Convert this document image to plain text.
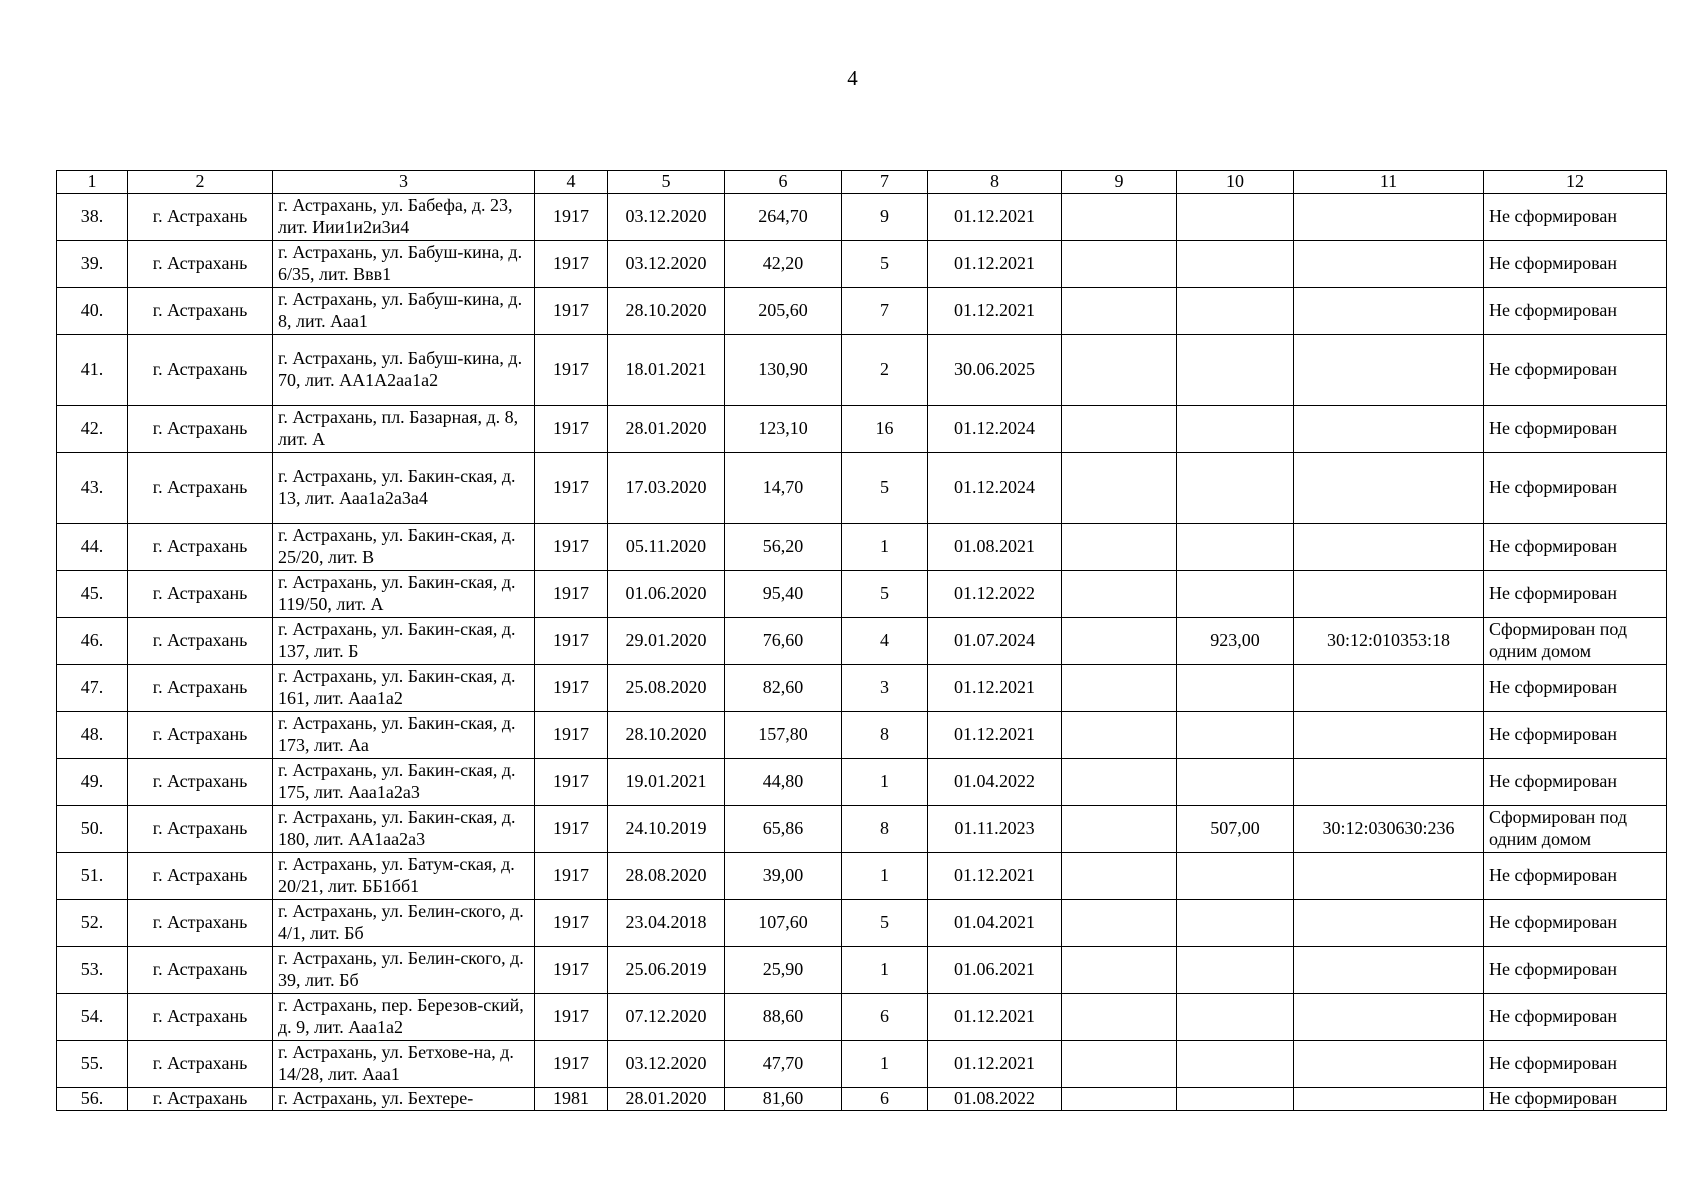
4
1	2	3	4	5	6	7	8	9	10	11	12
38.	г. Астрахань	г. Астрахань, ул. Бабефа, д. 23, лит. Иии1и2и3и4	1917	03.12.2020	264,70	9	01.12.2021				Не сформирован
39.	г. Астрахань	г. Астрахань, ул. Бабуш-кина, д. 6/35, лит. Ввв1	1917	03.12.2020	42,20	5	01.12.2021				Не сформирован
40.	г. Астрахань	г. Астрахань, ул. Бабуш-кина, д. 8, лит. Ааа1	1917	28.10.2020	205,60	7	01.12.2021				Не сформирован
41.	г. Астрахань	г. Астрахань, ул. Бабуш-кина, д. 70, лит. АА1А2аа1а2	1917	18.01.2021	130,90	2	30.06.2025				Не сформирован
42.	г. Астрахань	г. Астрахань, пл. Базарная, д. 8, лит. А	1917	28.01.2020	123,10	16	01.12.2024				Не сформирован
43.	г. Астрахань	г. Астрахань, ул. Бакин-ская, д. 13, лит. Ааа1а2а3а4	1917	17.03.2020	14,70	5	01.12.2024				Не сформирован
44.	г. Астрахань	г. Астрахань, ул. Бакин-ская, д. 25/20, лит. В	1917	05.11.2020	56,20	1	01.08.2021				Не сформирован
45.	г. Астрахань	г. Астрахань, ул. Бакин-ская, д. 119/50, лит. А	1917	01.06.2020	95,40	5	01.12.2022				Не сформирован
46.	г. Астрахань	г. Астрахань, ул. Бакин-ская, д. 137, лит. Б	1917	29.01.2020	76,60	4	01.07.2024		923,00	30:12:010353:18	Сформирован под одним домом
47.	г. Астрахань	г. Астрахань, ул. Бакин-ская, д. 161, лит. Ааа1а2	1917	25.08.2020	82,60	3	01.12.2021				Не сформирован
48.	г. Астрахань	г. Астрахань, ул. Бакин-ская, д. 173, лит. Аа	1917	28.10.2020	157,80	8	01.12.2021				Не сформирован
49.	г. Астрахань	г. Астрахань, ул. Бакин-ская, д. 175, лит. Ааа1а2а3	1917	19.01.2021	44,80	1	01.04.2022				Не сформирован
50.	г. Астрахань	г. Астрахань, ул. Бакин-ская, д. 180, лит. АА1аа2а3	1917	24.10.2019	65,86	8	01.11.2023		507,00	30:12:030630:236	Сформирован под одним домом
51.	г. Астрахань	г. Астрахань, ул. Батум-ская, д. 20/21, лит. ББ1бб1	1917	28.08.2020	39,00	1	01.12.2021				Не сформирован
52.	г. Астрахань	г. Астрахань, ул. Белин-ского, д. 4/1, лит. Бб	1917	23.04.2018	107,60	5	01.04.2021				Не сформирован
53.	г. Астрахань	г. Астрахань, ул. Белин-ского, д. 39, лит. Бб	1917	25.06.2019	25,90	1	01.06.2021				Не сформирован
54.	г. Астрахань	г. Астрахань, пер. Березов-ский, д. 9, лит. Ааа1а2	1917	07.12.2020	88,60	6	01.12.2021				Не сформирован
55.	г. Астрахань	г. Астрахань, ул. Бетхове-на, д. 14/28, лит. Ааа1	1917	03.12.2020	47,70	1	01.12.2021				Не сформирован
56.	г. Астрахань	г. Астрахань, ул. Бехтере-	1981	28.01.2020	81,60	6	01.08.2022				Не сформирован
